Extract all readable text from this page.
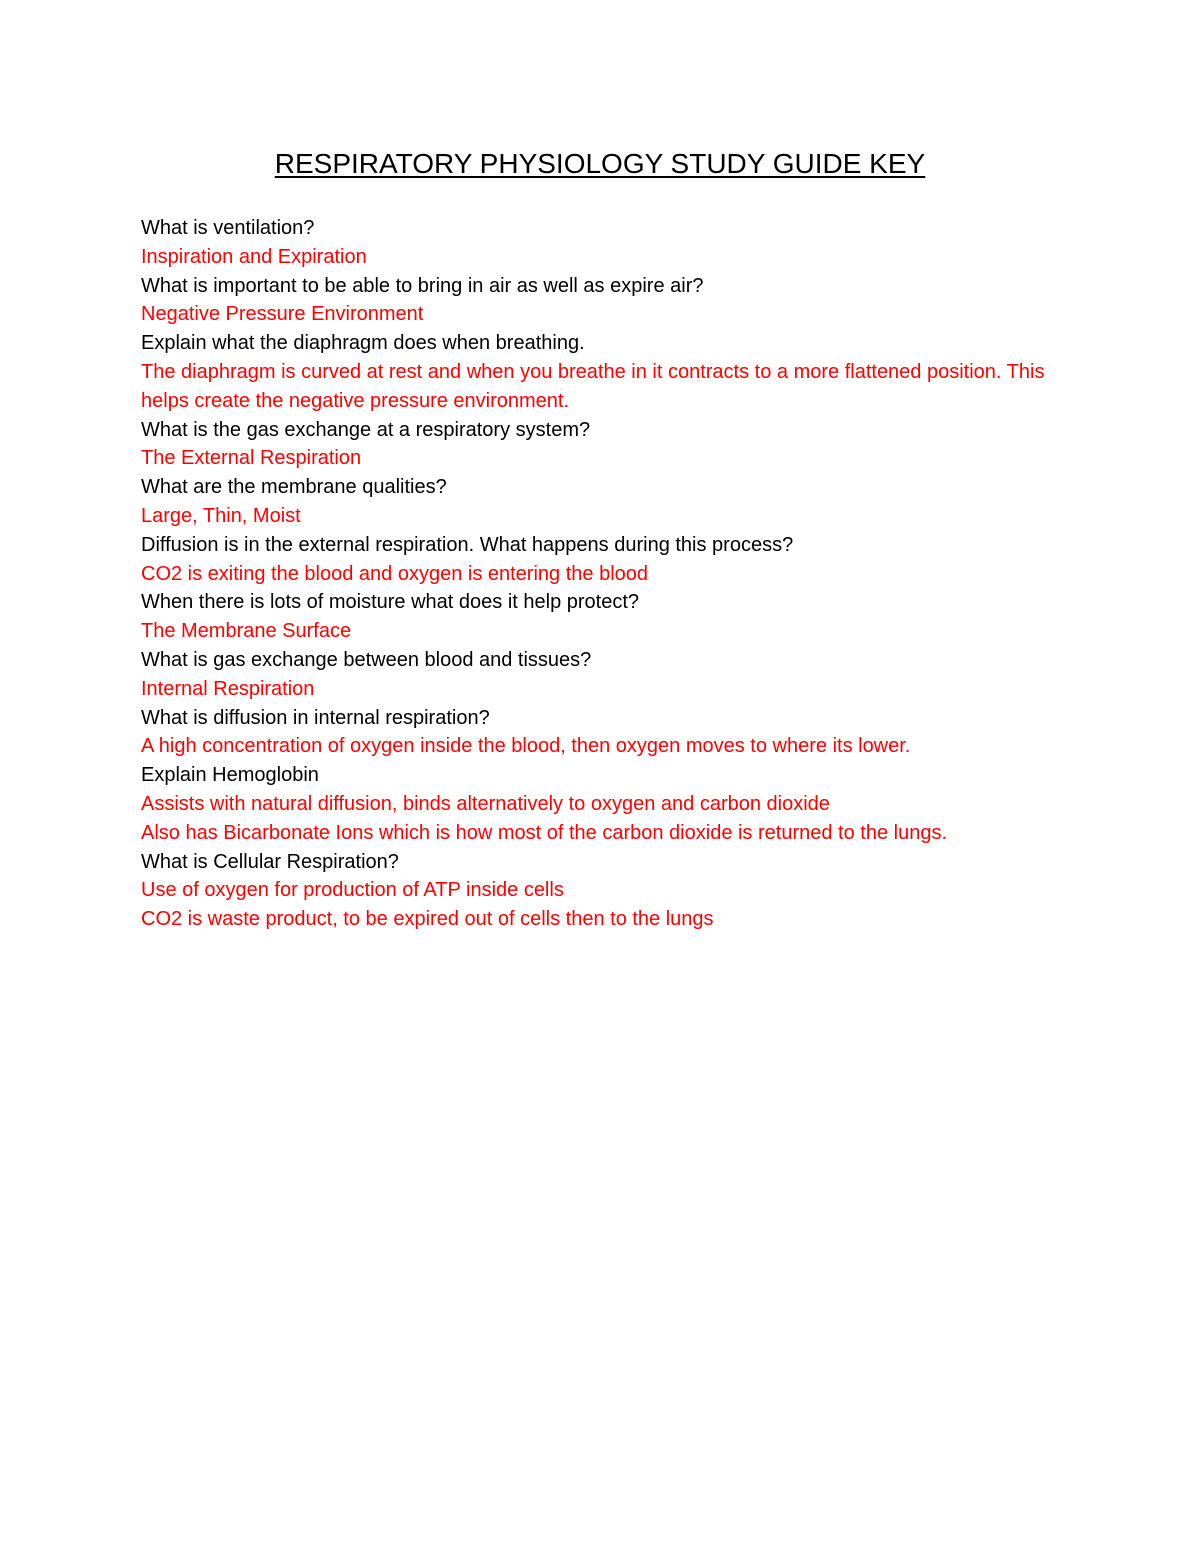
RESPIRATORY PHYSIOLOGY STUDY GUIDE KEY

What is ventilation?

Inspiration and Expiration

What is important to be able to bring in air as well as expire air?

Negative Pressure Environment

Explain what the diaphragm does when breathing.

The diaphragm is curved at rest and when you breathe in it contracts to a more flattened position. This helps create the negative pressure environment.

What is the gas exchange at a respiratory system?

The External Respiration

What are the membrane qualities?

Large, Thin, Moist

Diffusion is in the external respiration. What happens during this process?

CO2 is exiting the blood and oxygen is entering the blood

When there is lots of moisture what does it help protect?

The Membrane Surface

What is gas exchange between blood and tissues?

Internal Respiration

What is diffusion in internal respiration?

A high concentration of oxygen inside the blood, then oxygen moves to where its lower.

Explain Hemoglobin

Assists with natural diffusion, binds alternatively to oxygen and carbon dioxide

Also has Bicarbonate Ions which is how most of the carbon dioxide is returned to the lungs.

What is Cellular Respiration?

Use of oxygen for production of ATP inside cells

CO2 is waste product, to be expired out of cells then to the lungs
